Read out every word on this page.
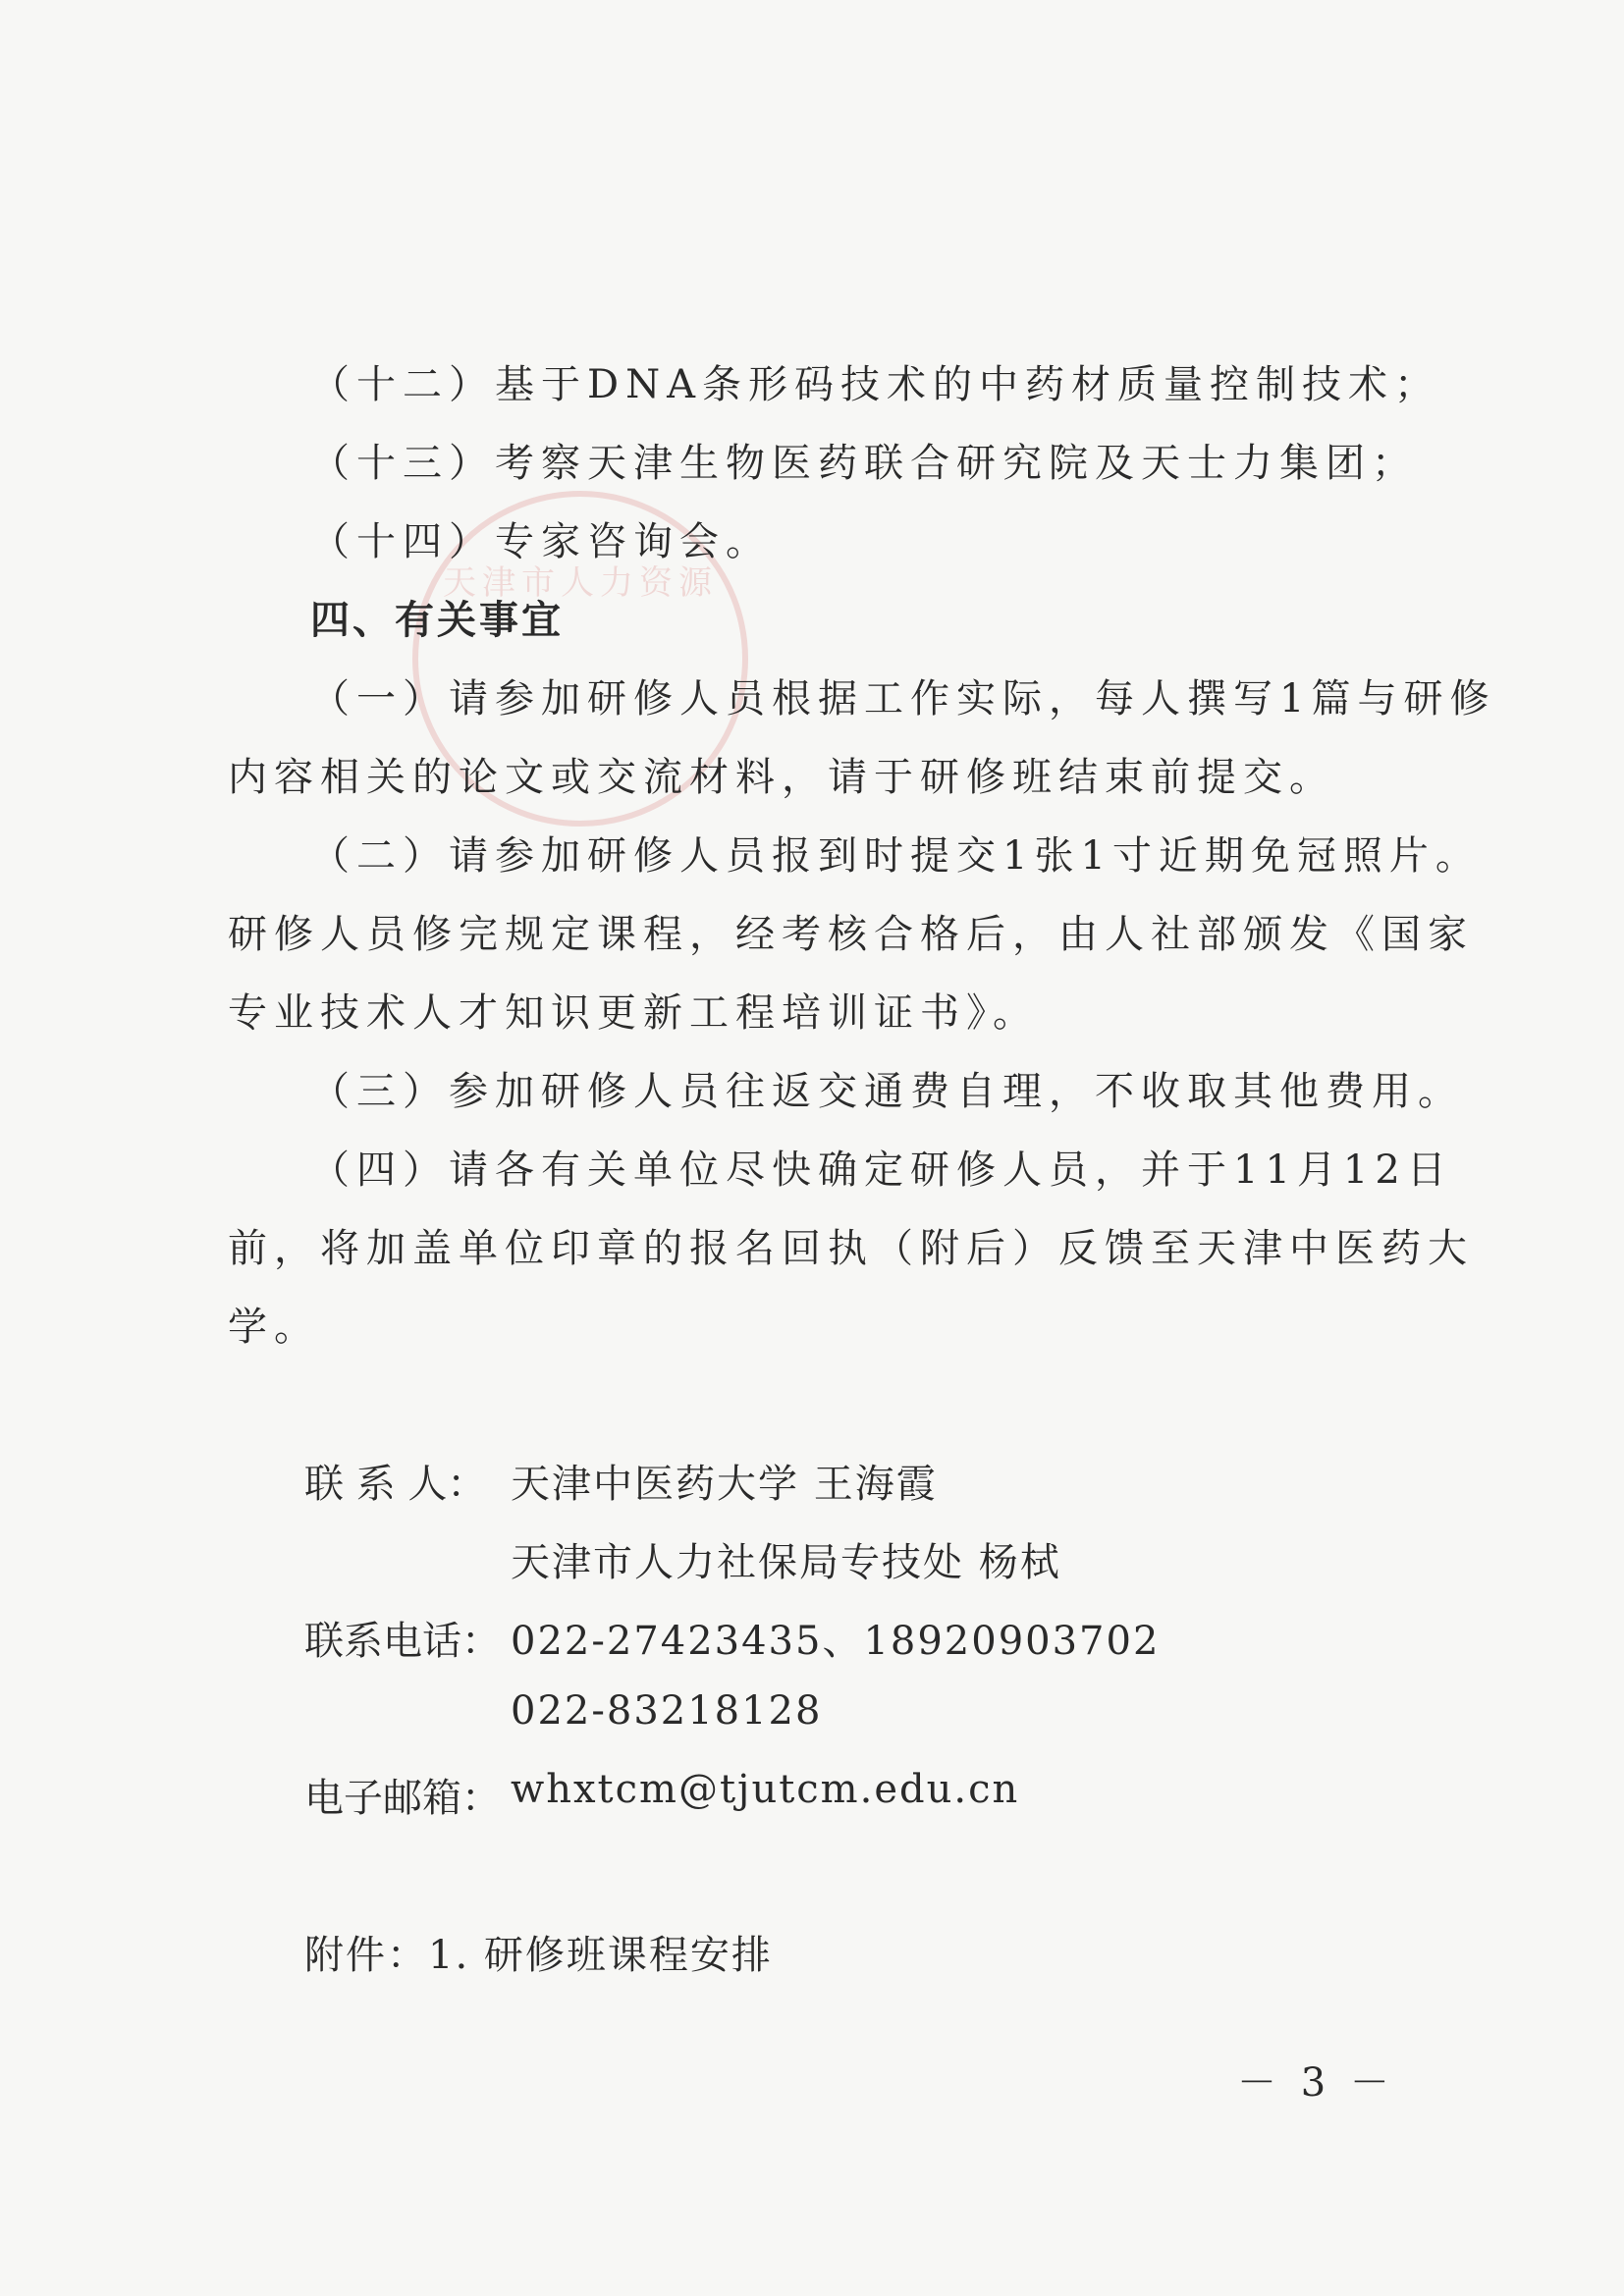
天津市人力资源
（十二）基于DNA条形码技术的中药材质量控制技术；
（十三）考察天津生物医药联合研究院及天士力集团；
（十四）专家咨询会。
四、有关事宜
（一）请参加研修人员根据工作实际，每人撰写1篇与研修
内容相关的论文或交流材料，请于研修班结束前提交。
（二）请参加研修人员报到时提交1张1寸近期免冠照片。
研修人员修完规定课程，经考核合格后，由人社部颁发《国家
专业技术人才知识更新工程培训证书》。
（三）参加研修人员往返交通费自理，不收取其他费用。
（四）请各有关单位尽快确定研修人员，并于11月12日
前，将加盖单位印章的报名回执（附后）反馈至天津中医药大
学。
联 系 人： 天津中医药大学 王海霞
天津市人力社保局专技处 杨栻
联系电话： 022-27423435、18920903702
022-83218128
电子邮箱： whxtcm@tjutcm.edu.cn
附件：1. 研修班课程安排
－ 3 －
